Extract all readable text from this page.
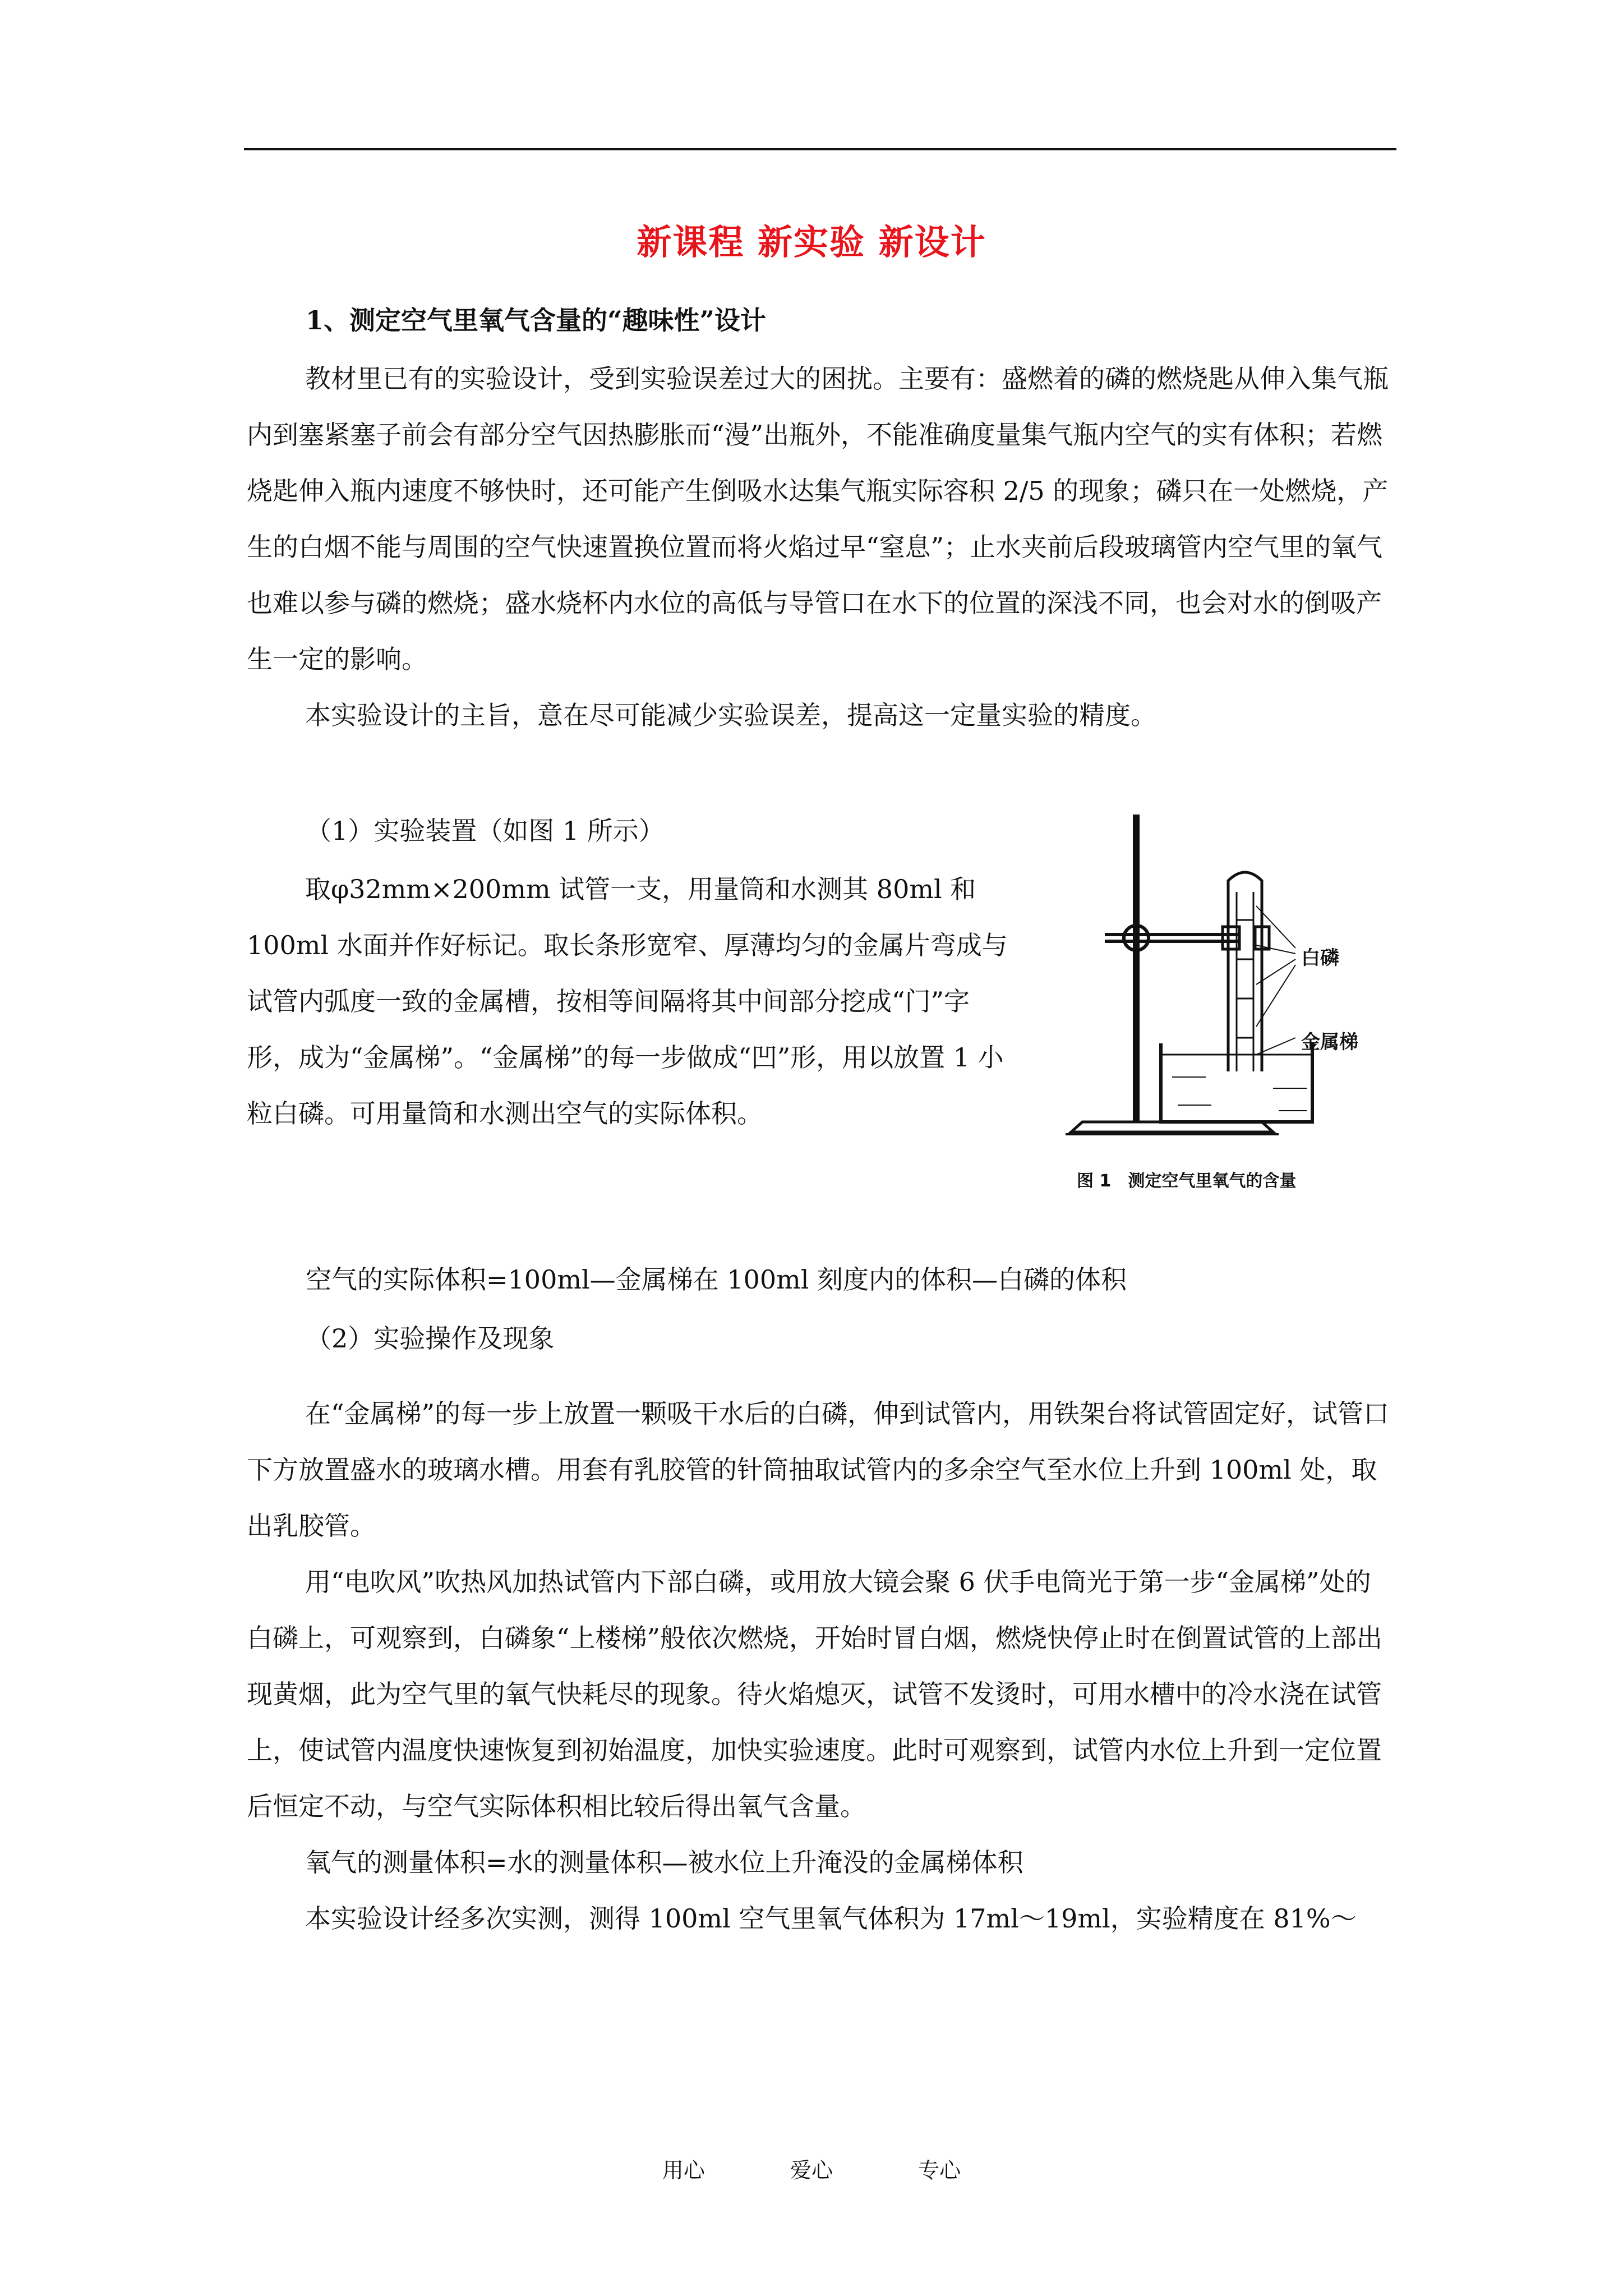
新课程 新实验 新设计
1、测定空气里氧气含量的“趣味性”设计

教材里已有的实验设计，受到实验误差过大的困扰。主要有：盛燃着的磷的燃烧匙从伸入集气瓶内到塞紧塞子前会有部分空气因热膨胀而“漫”出瓶外，不能准确度量集气瓶内空气的实有体积；若燃烧匙伸入瓶内速度不够快时，还可能产生倒吸水达集气瓶实际容积 2/5 的现象；磷只在一处燃烧，产生的白烟不能与周围的空气快速置换位置而将火焰过早“窒息”；止水夹前后段玻璃管内空气里的氧气也难以参与磷的燃烧；盛水烧杯内水位的高低与导管口在水下的位置的深浅不同，也会对水的倒吸产生一定的影响。

本实验设计的主旨，意在尽可能减少实验误差，提高这一定量实验的精度。

（1）实验装置（如图 1 所示）

取φ32mm×200mm 试管一支，用量筒和水测其 80ml 和 100ml 水面并作好标记。取长条形宽窄、厚薄均匀的金属片弯成与试管内弧度一致的金属槽，按相等间隔将其中间部分挖成“门”字形，成为“金属梯”。“金属梯”的每一步做成“凹”形，用以放置 1 小粒白磷。可用量筒和水测出空气的实际体积。

白磷
金属梯
图 1　测定空气里氧气的含量
空气的实际体积=100ml—金属梯在 100ml 刻度内的体积—白磷的体积
（2）实验操作及现象

在“金属梯”的每一步上放置一颗吸干水后的白磷，伸到试管内，用铁架台将试管固定好，试管口下方放置盛水的玻璃水槽。用套有乳胶管的针筒抽取试管内的多余空气至水位上升到 100ml 处，取出乳胶管。

用“电吹风”吹热风加热试管内下部白磷，或用放大镜会聚 6 伏手电筒光于第一步“金属梯”处的白磷上，可观察到，白磷象“上楼梯”般依次燃烧，开始时冒白烟，燃烧快停止时在倒置试管的上部出现黄烟，此为空气里的氧气快耗尽的现象。待火焰熄灭，试管不发烫时，可用水槽中的冷水浇在试管上，使试管内温度快速恢复到初始温度，加快实验速度。此时可观察到，试管内水位上升到一定位置后恒定不动，与空气实际体积相比较后得出氧气含量。

氧气的测量体积=水的测量体积—被水位上升淹没的金属梯体积

本实验设计经多次实测，测得 100ml 空气里氧气体积为 17ml～19ml，实验精度在 81%～

用心	爱心	专心
